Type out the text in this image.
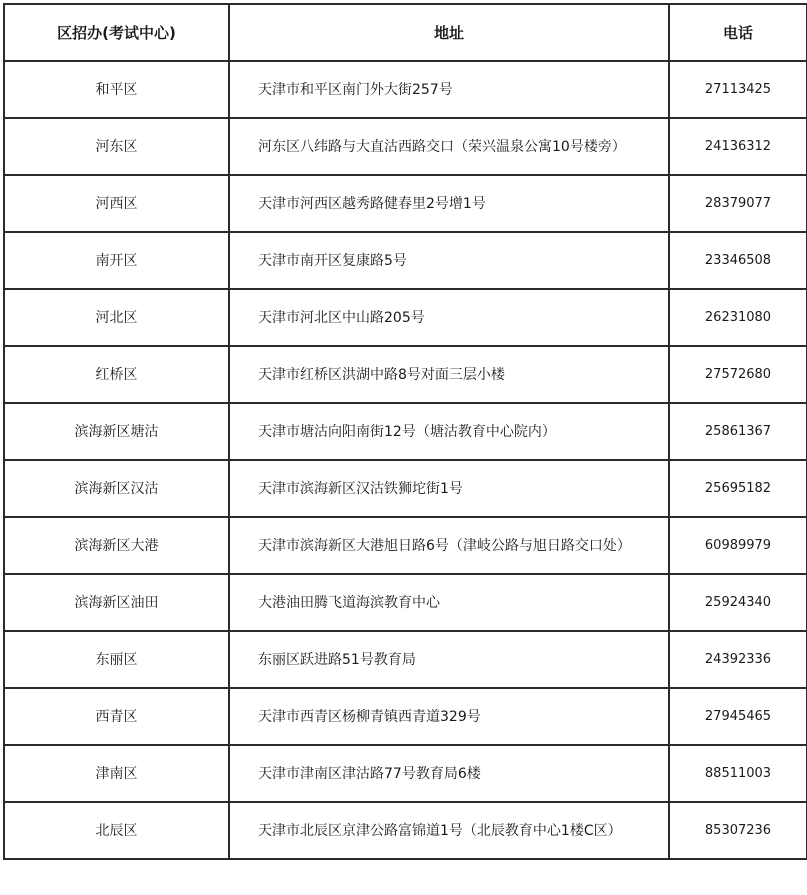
区招办(考试中心)	地址	电话
和平区	天津市和平区南门外大街257号	27113425
河东区	河东区八纬路与大直沽西路交口（荣兴温泉公寓10号楼旁）	24136312
河西区	天津市河西区越秀路健春里2号增1号	28379077
南开区	天津市南开区复康路5号	23346508
河北区	天津市河北区中山路205号	26231080
红桥区	天津市红桥区洪湖中路8号对面三层小楼	27572680
滨海新区塘沽	天津市塘沽向阳南街12号（塘沽教育中心院内）	25861367
滨海新区汉沽	天津市滨海新区汉沽铁狮坨街1号	25695182
滨海新区大港	天津市滨海新区大港旭日路6号（津岐公路与旭日路交口处）	60989979
滨海新区油田	大港油田腾飞道海滨教育中心	25924340
东丽区	东丽区跃进路51号教育局	24392336
西青区	天津市西青区杨柳青镇西青道329号	27945465
津南区	天津市津南区津沽路77号教育局6楼	88511003
北辰区	天津市北辰区京津公路富锦道1号（北辰教育中心1楼C区）	85307236
